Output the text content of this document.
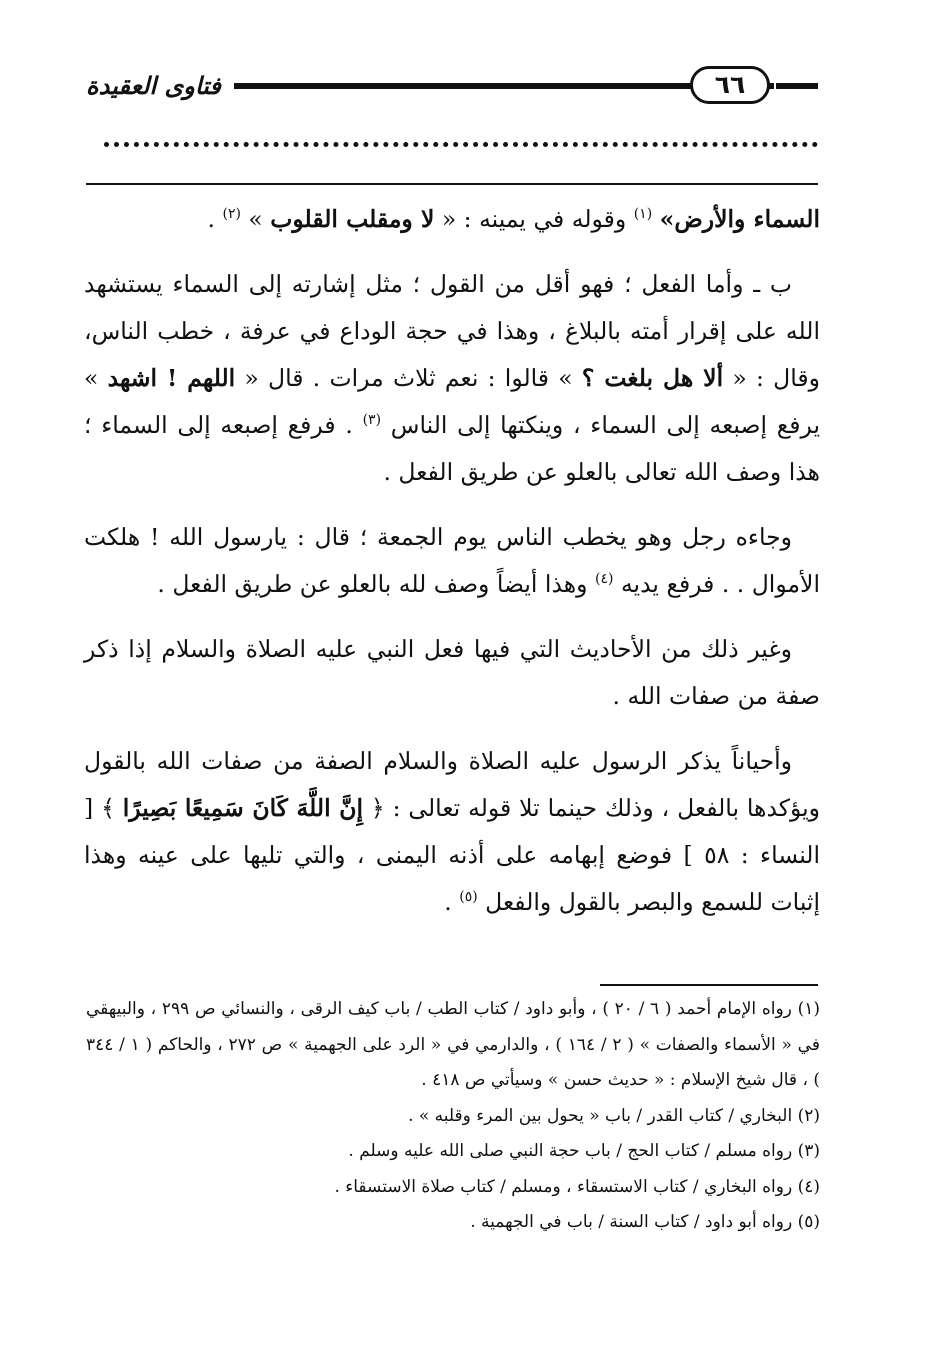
فتاوى العقيدة	٦٦

السماء والأرض» $^{(١)}$ وقوله في يمينه : « لا ومقلب القلوب » $^{(٢)}$ .

ب ـ وأما الفعل ؛ فهو أقل من القول ؛ مثل إشارته إلى السماء يستشهد الله على إقرار أمته بالبلاغ ، وهذا في حجة الوداع في عرفة ، خطب الناس، وقال : « ألا هل بلغت ؟ » قالوا : نعم ثلاث مرات . قال « اللهم ! اشهد » يرفع إصبعه إلى السماء ، وينكتها إلى الناس $^{(٣)}$ . فرفع إصبعه إلى السماء ؛ هذا وصف الله تعالى بالعلو عن طريق الفعل .

وجاءه رجل وهو يخطب الناس يوم الجمعة ؛ قال : يارسول الله ! هلكت الأموال . . فرفع يديه $^{(٤)}$ وهذا أيضاً وصف لله بالعلو عن طريق الفعل .

وغير ذلك من الأحاديث التي فيها فعل النبي عليه الصلاة والسلام إذا ذكر صفة من صفات الله .

وأحياناً يذكر الرسول عليه الصلاة والسلام الصفة من صفات الله بالقول ويؤكدها بالفعل ، وذلك حينما تلا قوله تعالى : ﴿ إِنَّ اللَّهَ كَانَ سَمِيعًا بَصِيرًا ﴾ [ النساء : ٥٨ ] فوضع إبهامه على أذنه اليمنى ، والتي تليها على عينه وهذا إثبات للسمع والبصر بالقول والفعل $^{(٥)}$ .

(١) رواه الإمام أحمد ( ٦ / ٢٠ ) ، وأبو داود / كتاب الطب / باب كيف الرقى ، والنسائي ص ٢٩٩ ، والبيهقي في « الأسماء والصفات » ( ٢ / ١٦٤ ) ، والدارمي في « الرد على الجهمية » ص ٢٧٢ ، والحاكم ( ١ / ٣٤٤ ) ، قال شيخ الإسلام : « حديث حسن » وسيأتي ص ٤١٨ .

(٢) البخاري / كتاب القدر / باب « يحول بين المرء وقلبه » .

(٣) رواه مسلم / كتاب الحج / باب حجة النبي صلى الله عليه وسلم .

(٤) رواه البخاري / كتاب الاستسقاء ، ومسلم / كتاب صلاة الاستسقاء .

(٥) رواه أبو داود / كتاب السنة / باب في الجهمية .
